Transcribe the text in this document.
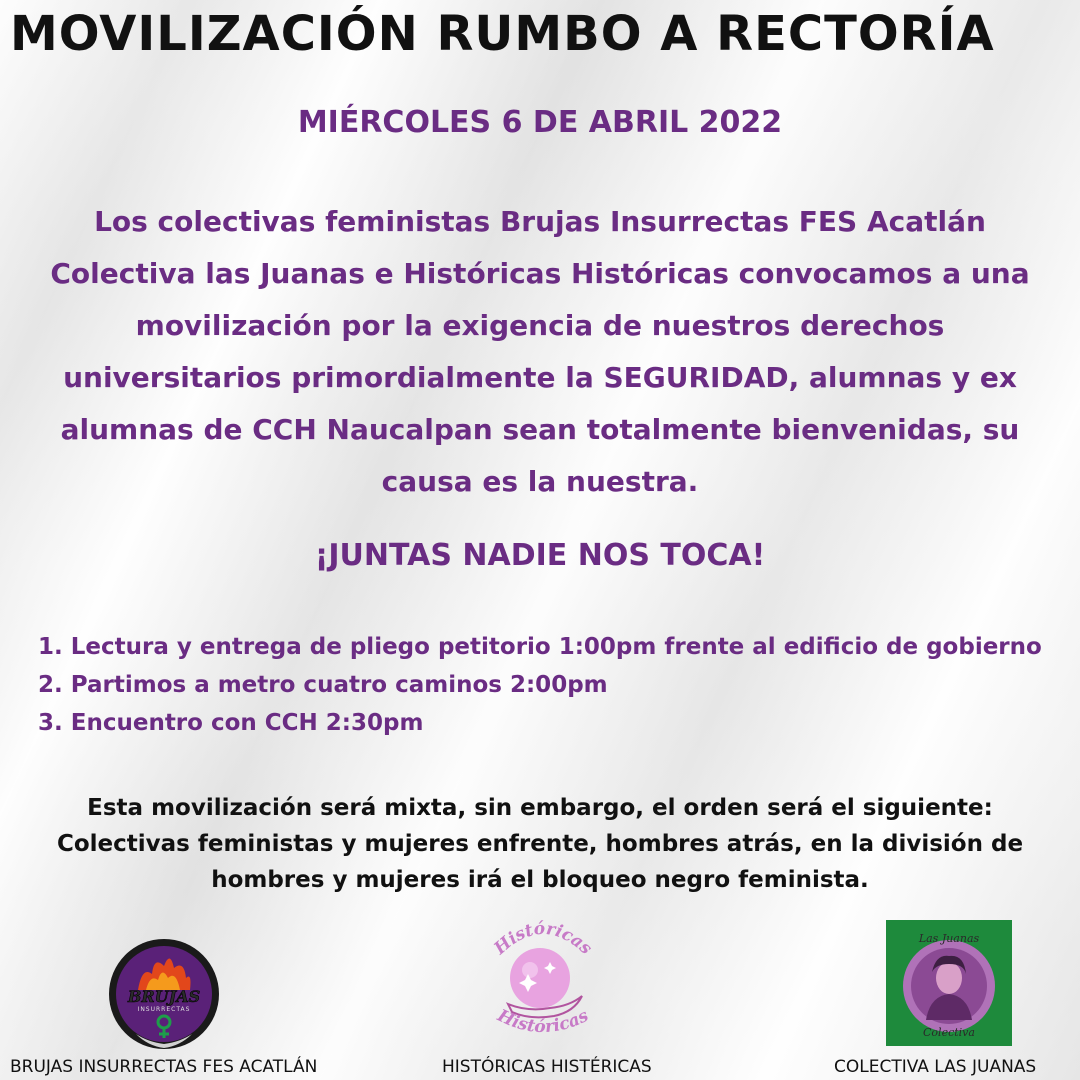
MOVILIZACIÓN RUMBO A RECTORÍA
MIÉRCOLES 6 DE ABRIL 2022

Los colectivas feministas Brujas Insurrectas FES Acatlán Colectiva las Juanas e Históricas Históricas convocamos a una movilización por la exigencia de nuestros derechos universitarios primordialmente la SEGURIDAD, alumnas y ex alumnas de CCH Naucalpan sean totalmente bienvenidas, su causa es la nuestra.

¡JUNTAS NADIE NOS TOCA!
1. Lectura y entrega de pliego petitorio 1:00pm frente al edificio de gobierno
2. Partimos a metro cuatro caminos 2:00pm
3. Encuentro con CCH 2:30pm

Esta movilización será mixta, sin embargo, el orden será el siguiente: Colectivas feministas y mujeres enfrente, hombres atrás, en la división de hombres y mujeres irá el bloqueo negro feminista.

BRUJAS
INSURRECTAS
Históricas
Históricas
Las Juanas
Colectiva
BRUJAS INSURRECTAS FES ACATLÁN	HISTÓRICAS HISTÉRICAS	COLECTIVA LAS JUANAS
